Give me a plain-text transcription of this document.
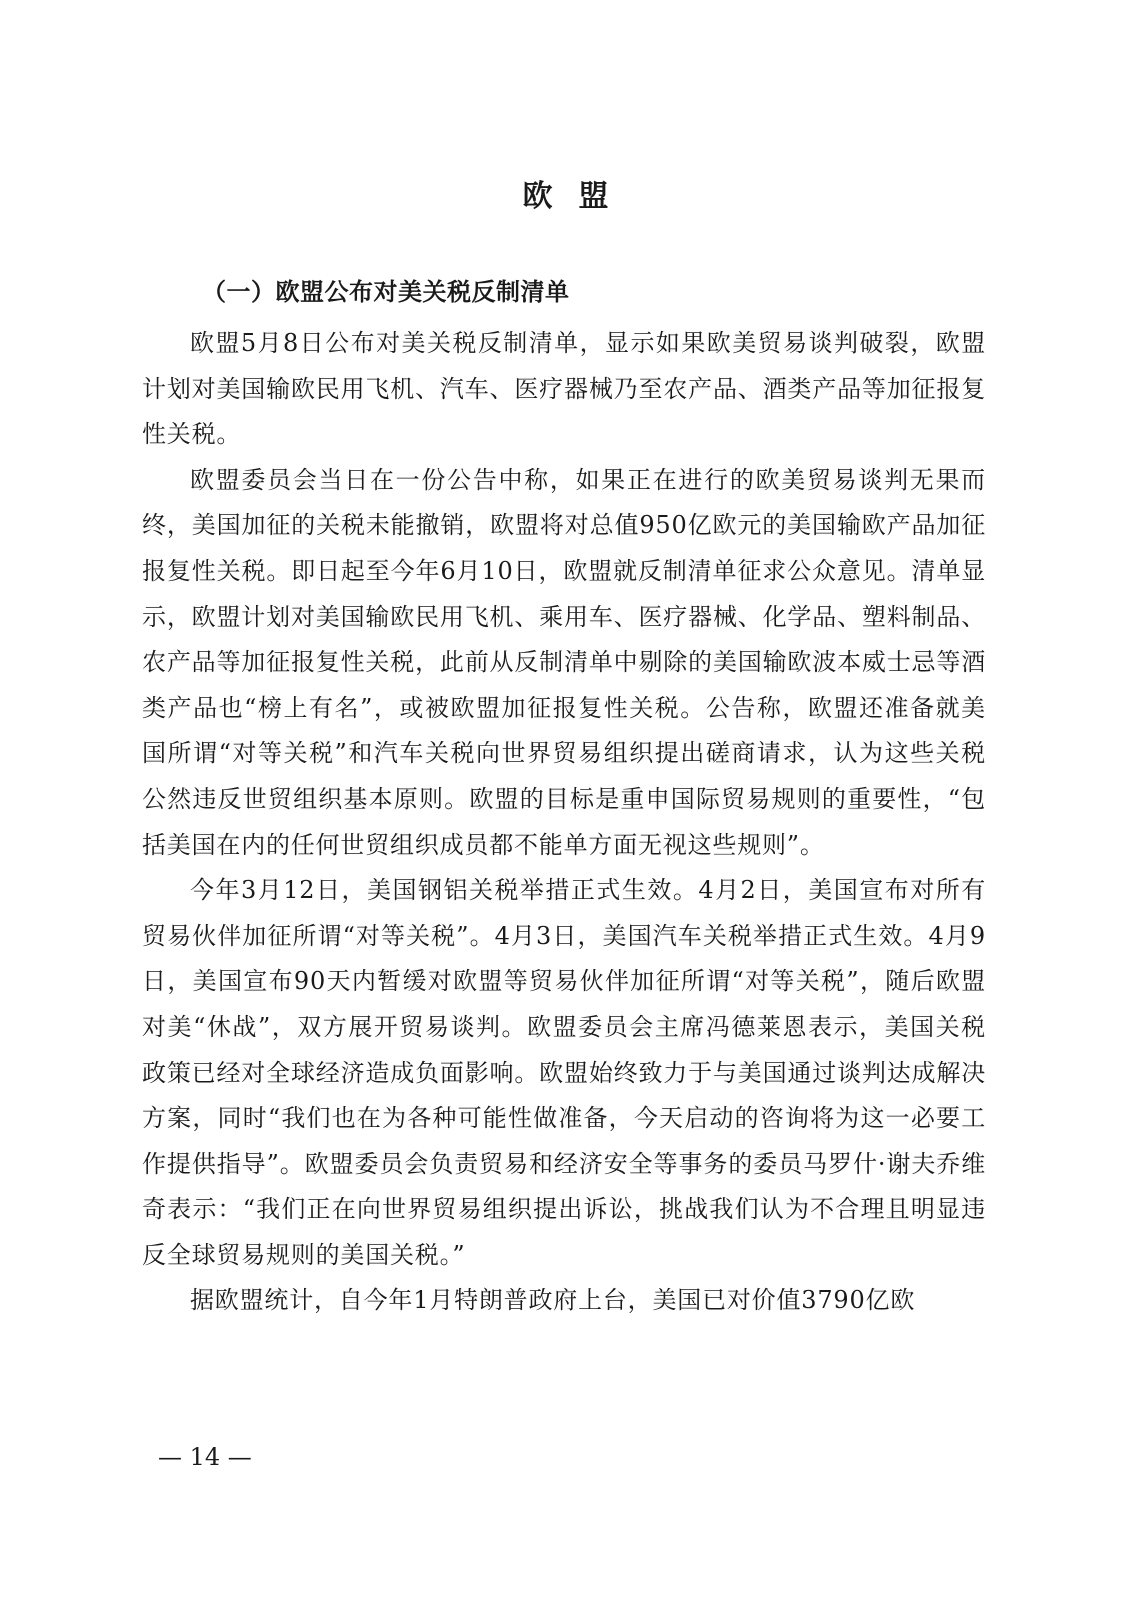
欧盟
（一）欧盟公布对美关税反制清单

欧盟5月8日公布对美关税反制清单，显示如果欧美贸易谈判破裂，欧盟计划对美国输欧民用飞机、汽车、医疗器械乃至农产品、酒类产品等加征报复性关税。

欧盟委员会当日在一份公告中称，如果正在进行的欧美贸易谈判无果而终，美国加征的关税未能撤销，欧盟将对总值950亿欧元的美国输欧产品加征报复性关税。即日起至今年6月10日，欧盟就反制清单征求公众意见。清单显示，欧盟计划对美国输欧民用飞机、乘用车、医疗器械、化学品、塑料制品、农产品等加征报复性关税，此前从反制清单中剔除的美国输欧波本威士忌等酒类产品也“榜上有名”，或被欧盟加征报复性关税。公告称，欧盟还准备就美国所谓“对等关税”和汽车关税向世界贸易组织提出磋商请求，认为这些关税公然违反世贸组织基本原则。欧盟的目标是重申国际贸易规则的重要性，“包括美国在内的任何世贸组织成员都不能单方面无视这些规则”。

今年3月12日，美国钢铝关税举措正式生效。4月2日，美国宣布对所有贸易伙伴加征所谓“对等关税”。4月3日，美国汽车关税举措正式生效。4月9日，美国宣布90天内暂缓对欧盟等贸易伙伴加征所谓“对等关税”，随后欧盟对美“休战”，双方展开贸易谈判。欧盟委员会主席冯德莱恩表示，美国关税政策已经对全球经济造成负面影响。欧盟始终致力于与美国通过谈判达成解决方案，同时“我们也在为各种可能性做准备，今天启动的咨询将为这一必要工作提供指导”。欧盟委员会负责贸易和经济安全等事务的委员马罗什·谢夫乔维奇表示：“我们正在向世界贸易组织提出诉讼，挑战我们认为不合理且明显违反全球贸易规则的美国关税。”

据欧盟统计，自今年1月特朗普政府上台，美国已对价值3790亿欧

— 14 —
